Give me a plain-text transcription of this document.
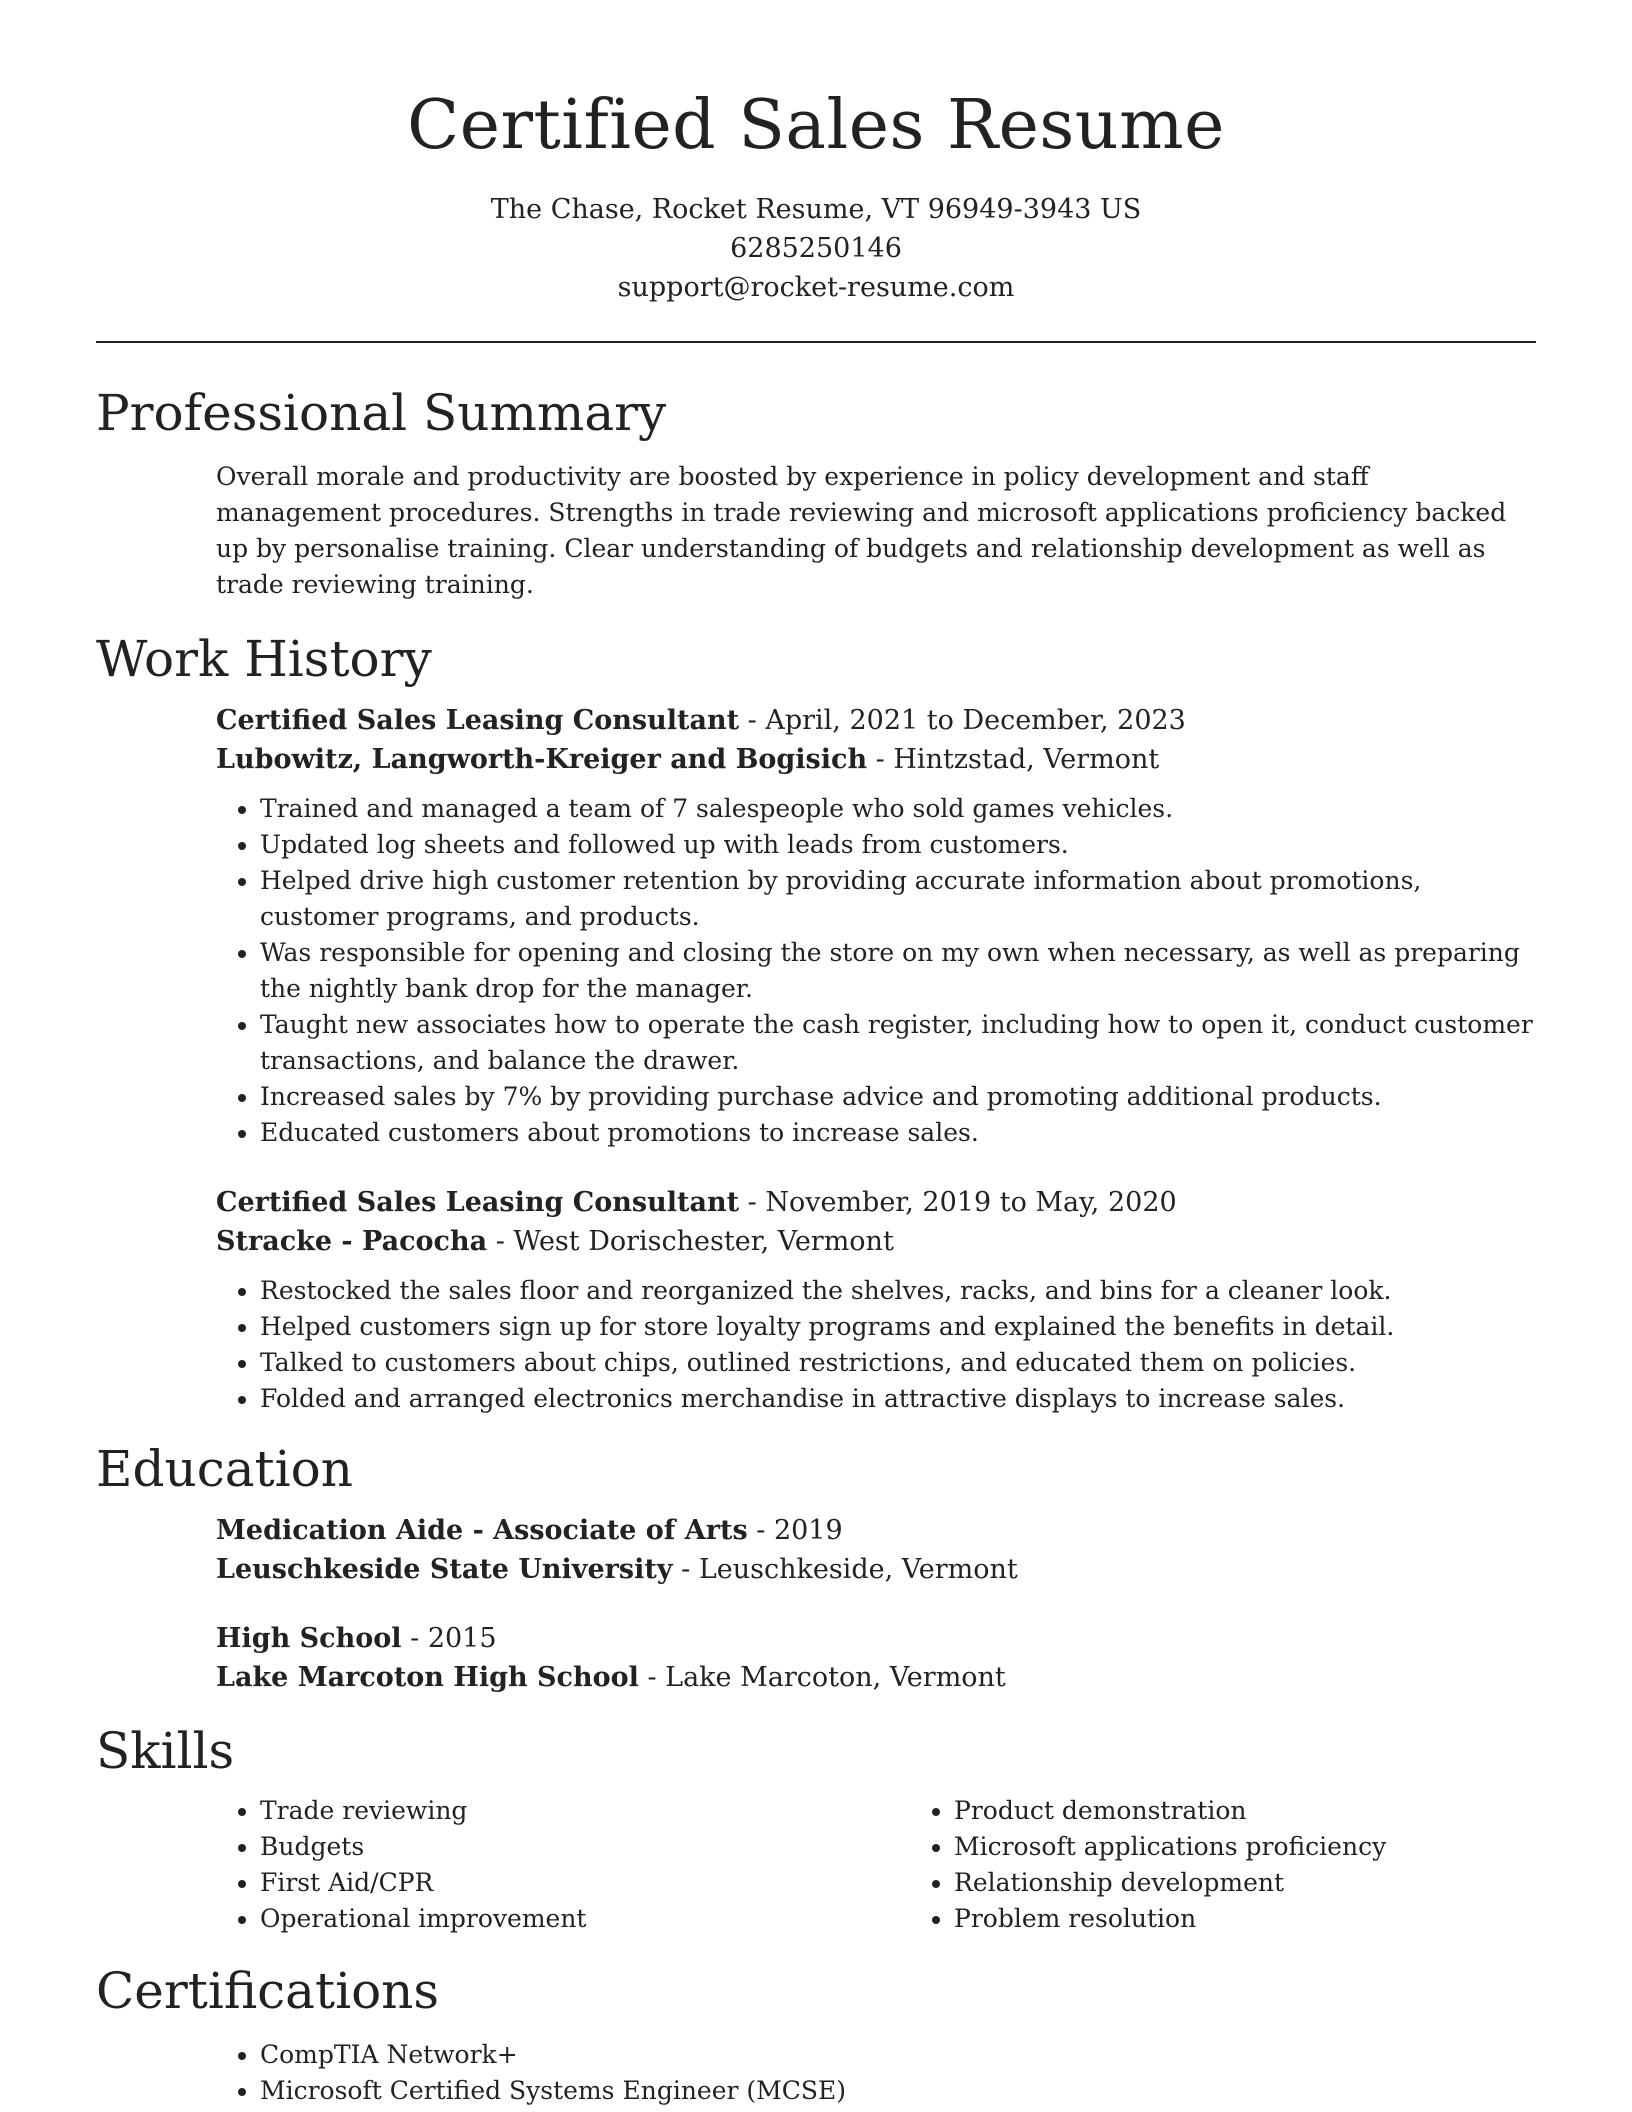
Certified Sales Resume
The Chase, Rocket Resume, VT 96949-3943 US
6285250146
support@rocket-resume.com
Professional Summary

Overall morale and productivity are boosted by experience in policy development and staff management procedures. Strengths in trade reviewing and microsoft applications proficiency backed up by personalise training. Clear understanding of budgets and relationship development as well as trade reviewing training.

Work History
Certified Sales Leasing Consultant - April, 2021 to December, 2023
Lubowitz, Langworth-Kreiger and Bogisich - Hintzstad, Vermont
• Trained and managed a team of 7 salespeople who sold games vehicles.
• Updated log sheets and followed up with leads from customers.
• Helped drive high customer retention by providing accurate information about promotions, customer programs, and products.
• Was responsible for opening and closing the store on my own when necessary, as well as preparing the nightly bank drop for the manager.
• Taught new associates how to operate the cash register, including how to open it, conduct customer transactions, and balance the drawer.
• Increased sales by 7% by providing purchase advice and promoting additional products.
• Educated customers about promotions to increase sales.
Certified Sales Leasing Consultant - November, 2019 to May, 2020
Stracke - Pacocha - West Dorischester, Vermont
• Restocked the sales floor and reorganized the shelves, racks, and bins for a cleaner look.
• Helped customers sign up for store loyalty programs and explained the benefits in detail.
• Talked to customers about chips, outlined restrictions, and educated them on policies.
• Folded and arranged electronics merchandise in attractive displays to increase sales.
Education
Medication Aide - Associate of Arts - 2019
Leuschkeside State University - Leuschkeside, Vermont
High School - 2015
Lake Marcoton High School - Lake Marcoton, Vermont
Skills
• Trade reviewing
• Budgets
• First Aid/CPR
• Operational improvement
• Product demonstration
• Microsoft applications proficiency
• Relationship development
• Problem resolution
Certifications
• CompTIA Network+
• Microsoft Certified Systems Engineer (MCSE)
